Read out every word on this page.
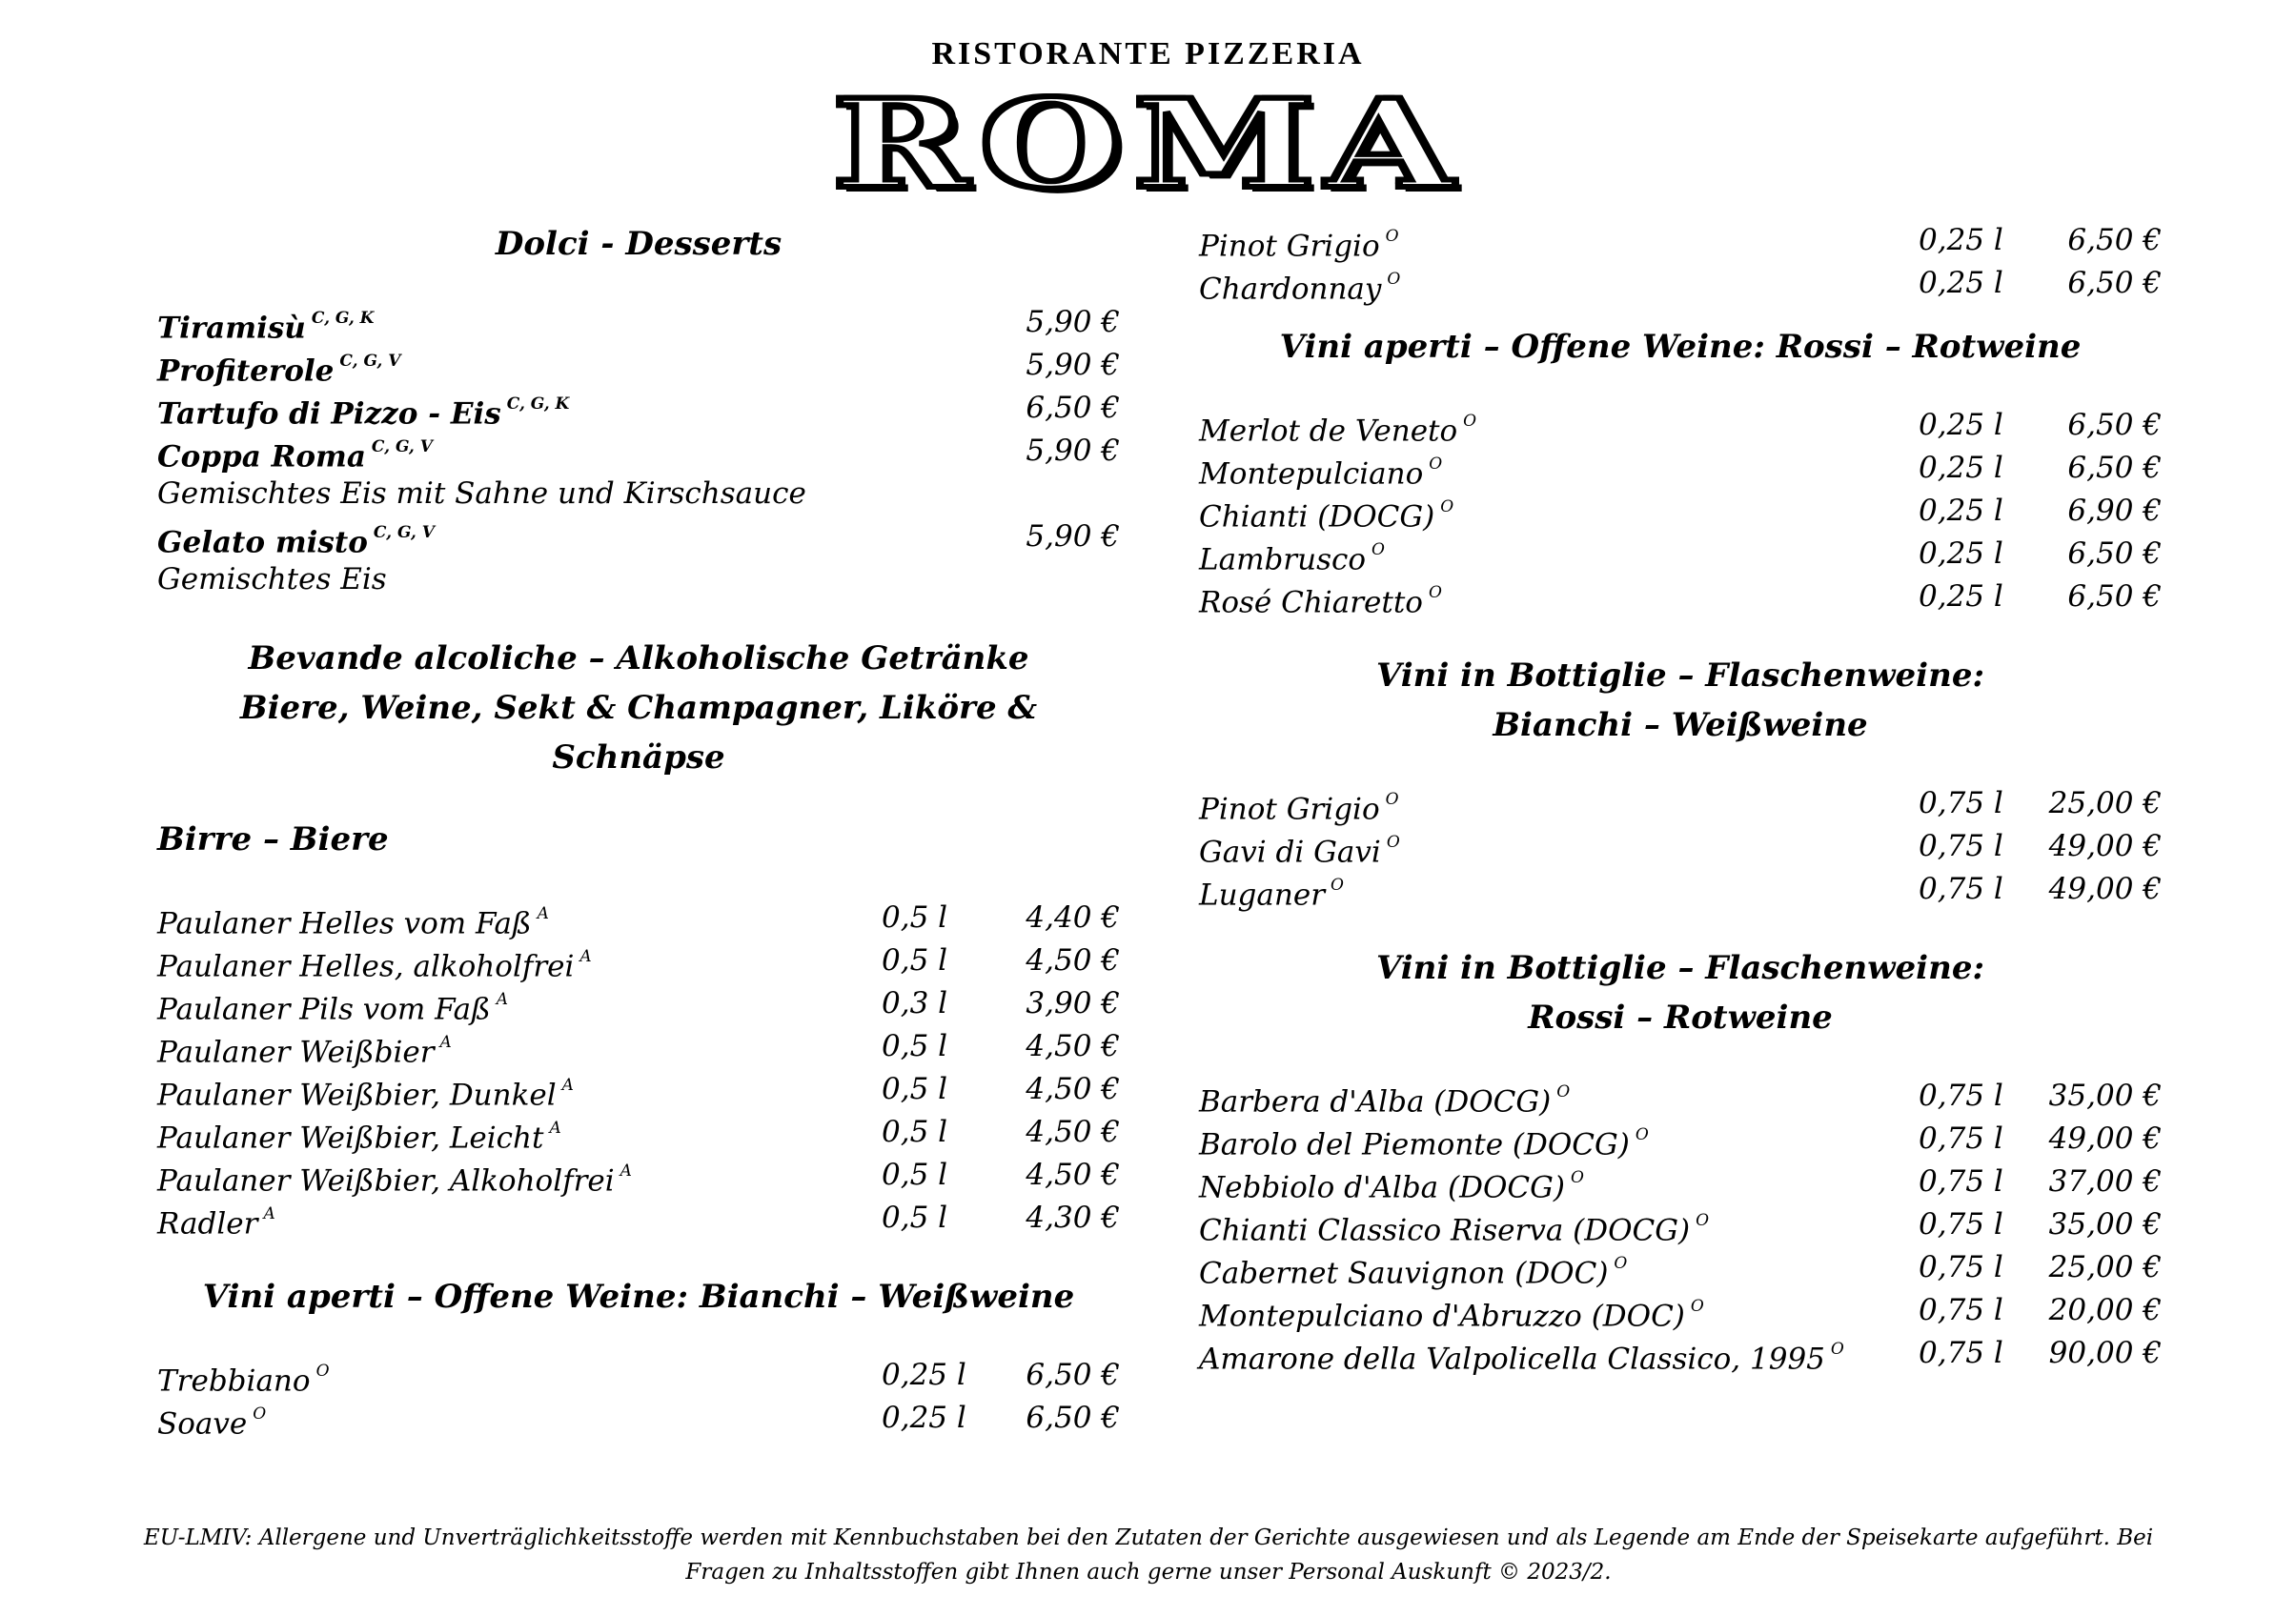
RISTORANTE PIZZERIA
ROMA
Dolci - Desserts
Tiramisù $^{C, G, K}$	5,90 €
Profiterole $^{C, G, V}$	5,90 €
Tartufo di Pizzo - Eis $^{C, G, K}$	6,50 €
Coppa Roma $^{C, G, V}$	5,90 €
Gemischtes Eis mit Sahne und Kirschsauce
Gelato misto $^{C, G, V}$	5,90 €
Gemischtes Eis
Bevande alcoliche – Alkoholische Getränke
Biere, Weine, Sekt & Champagner, Liköre & Schnäpse
Birre – Biere
Paulaner Helles vom Faß $^A$	0,5 l	4,40 €
Paulaner Helles, alkoholfrei $^A$	0,5 l	4,50 €
Paulaner Pils vom Faß $^A$	0,3 l	3,90 €
Paulaner Weißbier $^A$	0,5 l	4,50 €
Paulaner Weißbier, Dunkel $^A$	0,5 l	4,50 €
Paulaner Weißbier, Leicht $^A$	0,5 l	4,50 €
Paulaner Weißbier, Alkoholfrei $^A$	0,5 l	4,50 €
Radler $^A$	0,5 l	4,30 €
Vini aperti – Offene Weine: Bianchi – Weißweine
Trebbiano $^O$	0,25 l 6,50 €
Soave $^O$	0,25 l 6,50 €
Pinot Grigio $^O$	0,25 l 6,50 €
Chardonnay $^O$	0,25 l 6,50 €
Vini aperti – Offene Weine: Rossi – Rotweine
Merlot de Veneto $^O$	0,25 l 6,50 €
Montepulciano $^O$	0,25 l 6,50 €
Chianti (DOCG) $^O$	0,25 l 6,90 €
Lambrusco $^O$	0,25 l 6,50 €
Rosé Chiaretto $^O$	0,25 l 6,50 €
Vini in Bottiglie – Flaschenweine:
Bianchi – Weißweine
Pinot Grigio $^O$	0,75 l 25,00 €
Gavi di Gavi $^O$	0,75 l 49,00 €
Luganer $^O$	0,75 l 49,00 €
Vini in Bottiglie – Flaschenweine:
Rossi – Rotweine
Barbera d'Alba (DOCG) $^O$	0,75 l 35,00 €
Barolo del Piemonte (DOCG) $^O$	0,75 l 49,00 €
Nebbiolo d'Alba (DOCG) $^O$	0,75 l 37,00 €
Chianti Classico Riserva (DOCG) $^O$	0,75 l 35,00 €
Cabernet Sauvignon (DOC) $^O$	0,75 l 25,00 €
Montepulciano d'Abruzzo (DOC) $^O$	0,75 l 20,00 €
Amarone della Valpolicella Classico, 1995 $^O$	0,75 l 90,00 €
EU-LMIV: Allergene und Unverträglichkeitsstoffe werden mit Kennbuchstaben bei den Zutaten der Gerichte ausgewiesen und als Legende am Ende der Speisekarte aufgeführt. Bei
Fragen zu Inhaltsstoffen gibt Ihnen auch gerne unser Personal Auskunft © 2023/2.
